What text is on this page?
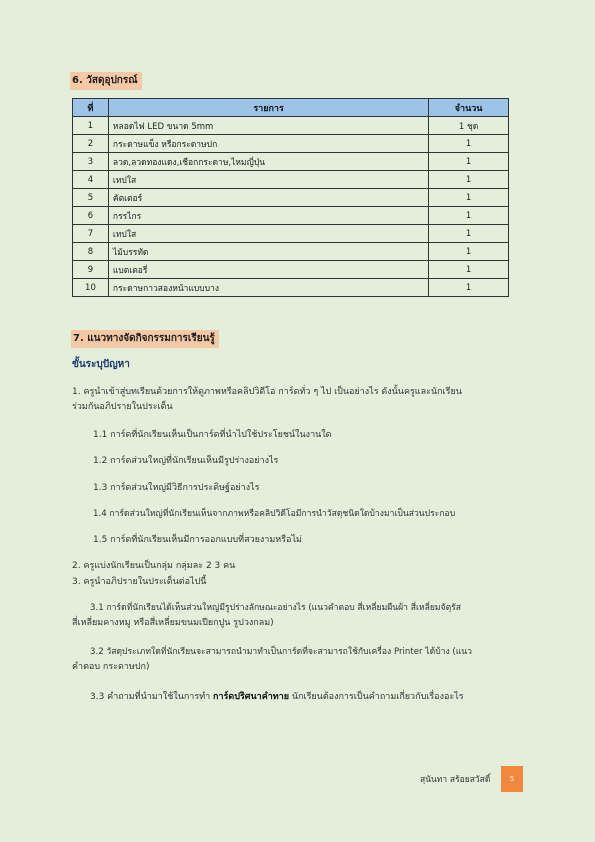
6. วัสดุอุปกรณ์
ที่	รายการ	จำนวน
1	หลอดไฟ LED ขนาด 5mm	1 ชุด
2	กระดาษแข็ง หรือกระดาษปก	1
3	ลวด,ลวดทองแดง,เชือกกระดาษ,ไหมญี่ปุ่น	1
4	เทปใส	1
5	คัตเตอร์	1
6	กรรไกร	1
7	เทปใส	1
8	ไม้บรรทัด	1
9	แบตเตอรี่	1
10	กระดาษกาวสองหน้าแบบบาง	1
7. แนวทางจัดกิจกรรมการเรียนรู้
ขั้นระบุปัญหา
1. ครูนำเข้าสู่บทเรียนด้วยการให้ดูภาพหรือคลิปวิดีโอ การ์ดทั่ว ๆ ไป เป็นอย่างไร ดังนั้นครูและนักเรียน
ร่วมกันอภิปรายในประเด็น
1.1 การ์ดที่นักเรียนเห็นเป็นการ์ดที่นำไปใช้ประโยชน์ในงานใด
1.2 การ์ดส่วนใหญ่ที่นักเรียนเห็นมีรูปร่างอย่างไร
1.3 การ์ดส่วนใหญ่มีวิธีการประดิษฐ์อย่างไร
1.4 การ์ดส่วนใหญ่ที่นักเรียนเห็นจากภาพหรือคลิปวิดีโอมีการนำวัสดุชนิดใดบ้างมาเป็นส่วนประกอบ
1.5 การ์ดที่นักเรียนเห็นมีการออกแบบที่สวยงามหรือไม่
2. ครูแบ่งนักเรียนเป็นกลุ่ม กลุ่มละ 2 3 คน
3. ครูนำอภิปรายในประเด็นต่อไปนี้
3.1 การ์ดที่นักเรียนได้เห็นส่วนใหญ่มีรูปร่างลักษณะอย่างไร (แนวคำตอบ สี่เหลี่ยมผืนผ้า สี่เหลี่ยมจัตุรัส
สี่เหลี่ยมคางหมู หรือสี่เหลี่ยมขนมเปียกปูน รูปวงกลม)
3.2 วัสดุประเภทใดที่นักเรียนจะสามารถนำมาทำเป็นการ์ดที่จะสามารถใช้กับเครื่อง Printer ได้บ้าง (แนว
คำตอบ กระดาษปก)
3.3 คำถามที่นำมาใช้ในการทำ การ์ดปริศนาคำทาย นักเรียนต้องการเป็นคำถามเกี่ยวกับเรื่องอะไร
สุนันทา สร้อยสวัสดิ์	5
